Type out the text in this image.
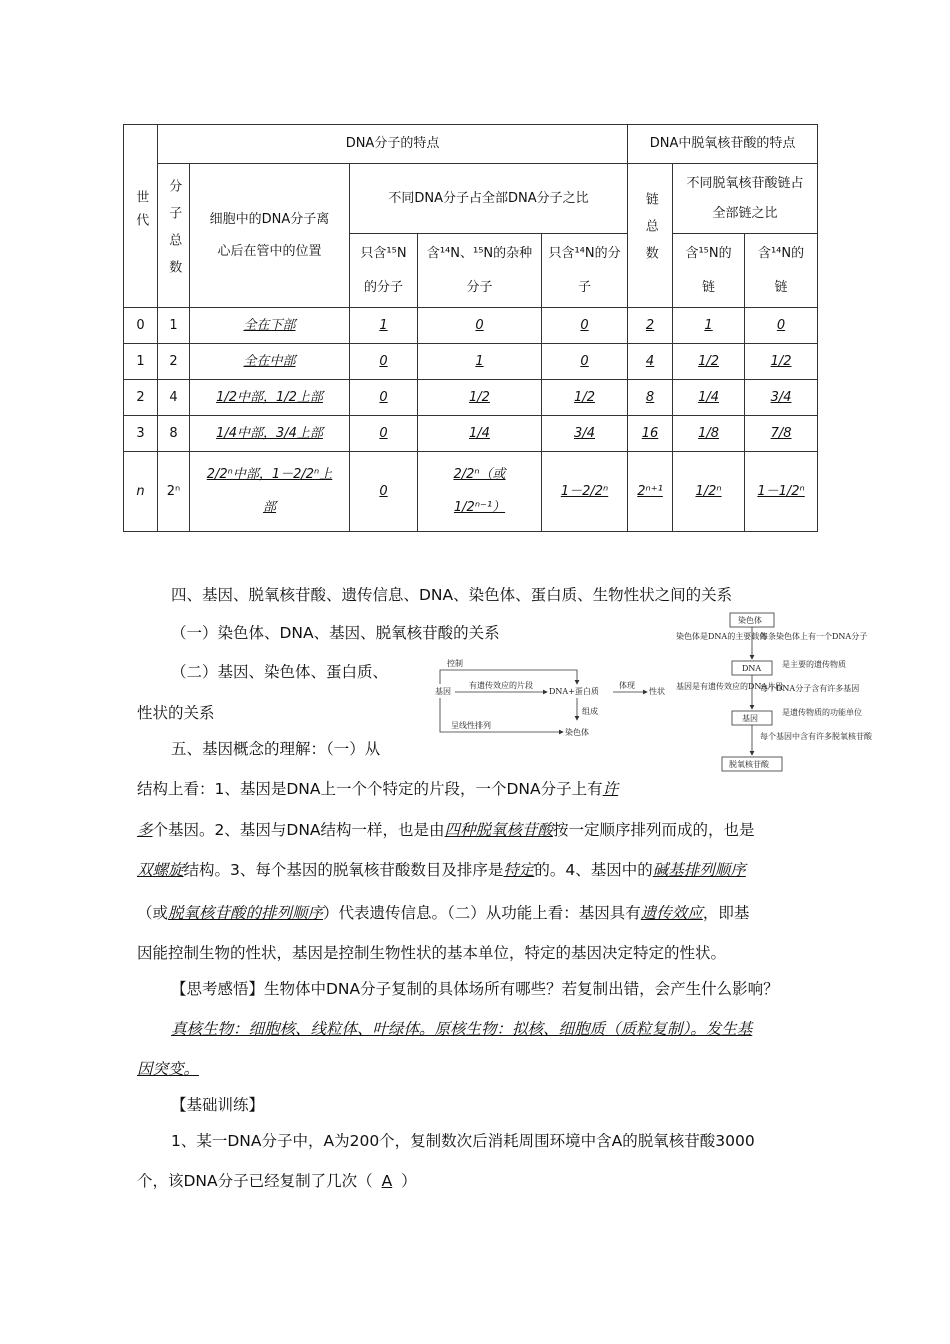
世代	DNA分子的特点					DNA中脱氧核苷酸的特点		
	分子总数	细胞中的DNA分子离心后在管中的位置	不同DNA分子占全部DNA分子之比			链总数	不同脱氧核苷酸链占全部链之比	
			只含¹⁵N的分子	含¹⁴N、¹⁵N的杂种分子	只含¹⁴N的分子		含¹⁵N的链	含¹⁴N的链
0	1	全在下部	1	0	0	2	1	0
1	2	全在中部	0	1	0	4	1/2	1/2
2	4	1/2中部，1/2上部	0	1/2	1/2	8	1/4	3/4
3	8	1/4中部，3/4上部	0	1/4	3/4	16	1/8	7/8
n	2ⁿ	2/2ⁿ中部，1－2/2ⁿ上部	0	2/2ⁿ（或1/2ⁿ⁻¹）	1－2/2ⁿ	2ⁿ⁺¹	1/2ⁿ	1－1/2ⁿ
四、基因、脱氧核苷酸、遗传信息、DNA、染色体、蛋白质、生物性状之间的关系
（一）染色体、DNA、基因、脱氧核苷酸的关系
（二）基因、染色体、蛋白质、
性状的关系
五、基因概念的理解：（一）从
结构上看：1、基因是DNA上一个个特定的片段，一个DNA分子上有许
多个基因。2、基因与DNA结构一样，也是由四种脱氧核苷酸按一定顺序排列而成的，也是
双螺旋结构。3、每个基因的脱氧核苷酸数目及排序是特定的。4、基因中的碱基排列顺序
（或脱氧核苷酸的排列顺序）代表遗传信息。（二）从功能上看：基因具有遗传效应，即基
因能控制生物的性状，基因是控制生物性状的基本单位，特定的基因决定特定的性状。
【思考感悟】生物体中DNA分子复制的具体场所有哪些？若复制出错，会产生什么影响？
真核生物：细胞核、线粒体、叶绿体。原核生物：拟核、细胞质（质粒复制）。发生基
因突变。
【基础训练】
1、某一DNA分子中，A为200个，复制数次后消耗周围环境中含A的脱氧核苷酸3000
个，该DNA分子已经复制了几次（ A ）
控制
基因
有遗传效应的片段
DNA+蛋白质
体现
性状
组成
呈线性排列
染色体
染色体
染色体是DNA的主要载体
每条染色体上有一个DNA分子
DNA	是主要的遗传物质
基因是有遗传效应的DNA片段
每个DNA分子含有许多基因
基因
是遗传物质的功能单位
每个基因中含有许多脱氧核苷酸
脱氧核苷酸
